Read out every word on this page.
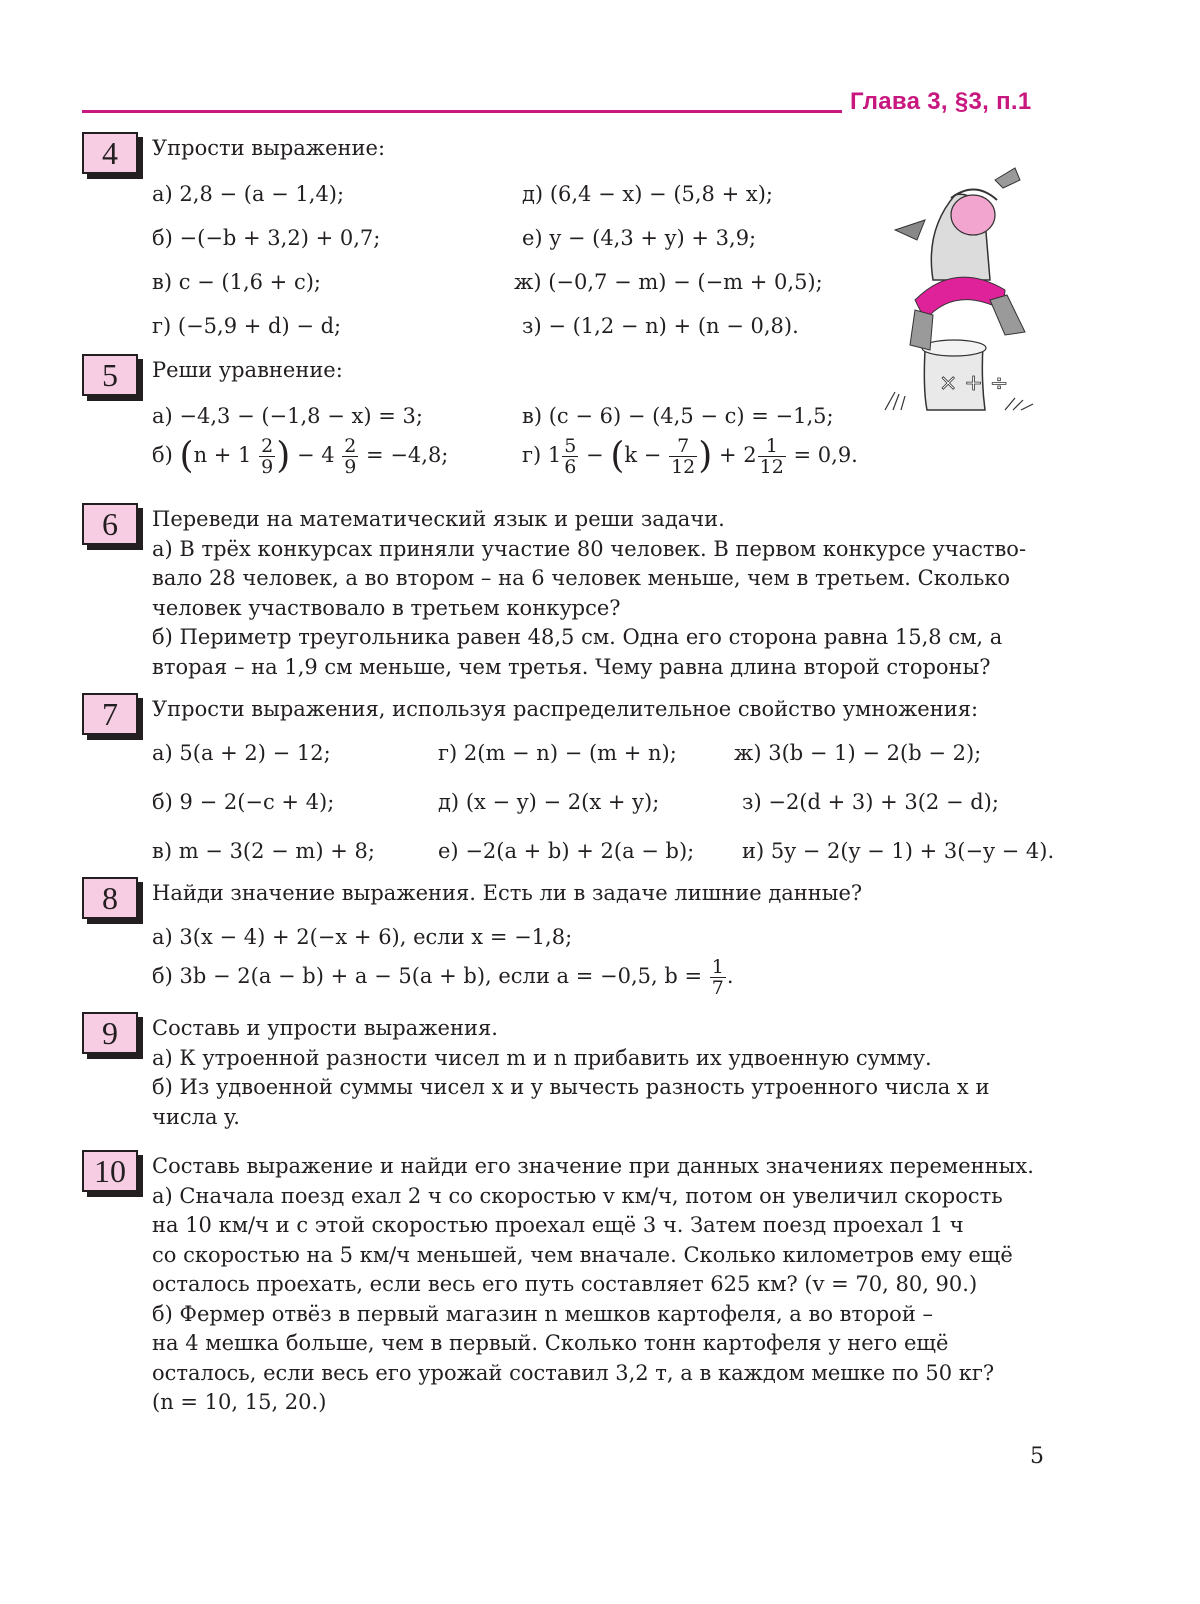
Глава 3, §3, п.1
4	Упрости выражение:
а) 2,8 − (a − 1,4);
б) −(−b + 3,2) + 0,7;
в) c − (1,6 + c);
г) (−5,9 + d) − d;
д) (6,4 − x) − (5,8 + x);
е) y − (4,3 + y) + 3,9;
ж) (−0,7 − m) − (−m + 0,5);
з) − (1,2 − n) + (n − 0,8).
× + ÷
5	Реши уравнение:
а) −4,3 − (−1,8 − x) = 3;	в) (c − 6) − (4,5 − c) = −1,5;
б) ($n + 1 \frac{2}{9}$ ) − $4 \frac{2}{9} = -4,8$;	г) $1 \frac{5}{6} - (k - \frac{7}{12}$ ) + $2 \frac{1}{12} = 0,9$.
6	Переведи на математический язык и реши задачи.
а) В трёх конкурсах приняли участие 80 человек. В первом конкурсе участво-
вало 28 человек, а во втором – на 6 человек меньше, чем в третьем. Сколько
человек участвовало в третьем конкурсе?
б) Периметр треугольника равен 48,5 см. Одна его сторона равна 15,8 см, а
вторая – на 1,9 см меньше, чем третья. Чему равна длина второй стороны?
7	Упрости выражения, используя распределительное свойство умножения:
а) 5(a + 2) − 12;
б) 9 − 2(−c + 4);
в) m − 3(2 − m) + 8;
г) 2(m − n) − (m + n);
д) (x − y) − 2(x + y);
е) −2(a + b) + 2(a − b);
ж) 3(b − 1) − 2(b − 2);
з) −2(d + 3) + 3(2 − d);
и) 5y − 2(y − 1) + 3(−y − 4).
8	Найди значение выражения. Есть ли в задаче лишние данные?
а) 3(x − 4) + 2(−x + 6), если x = −1,8;
б) 3b − 2(a − b) + a − 5(a + b), если a = −0,5, $b = \frac{1}{7}$ .
9	Составь и упрости выражения.
а) К утроенной разности чисел m и n прибавить их удвоенную сумму.
б) Из удвоенной суммы чисел x и y вычесть разность утроенного числа x и
числа y.
10	Составь выражение и найди его значение при данных значениях переменных.
а) Сначала поезд ехал 2 ч со скоростью v км/ч, потом он увеличил скорость
на 10 км/ч и с этой скоростью проехал ещё 3 ч. Затем поезд проехал 1 ч
со скоростью на 5 км/ч меньшей, чем вначале. Сколько километров ему ещё
осталось проехать, если весь его путь составляет 625 км? (v = 70, 80, 90.)
б) Фермер отвёз в первый магазин n мешков картофеля, а во второй –
на 4 мешка больше, чем в первый. Сколько тонн картофеля у него ещё
осталось, если весь его урожай составил 3,2 т, а в каждом мешке по 50 кг?
(n = 10, 15, 20.)
5
